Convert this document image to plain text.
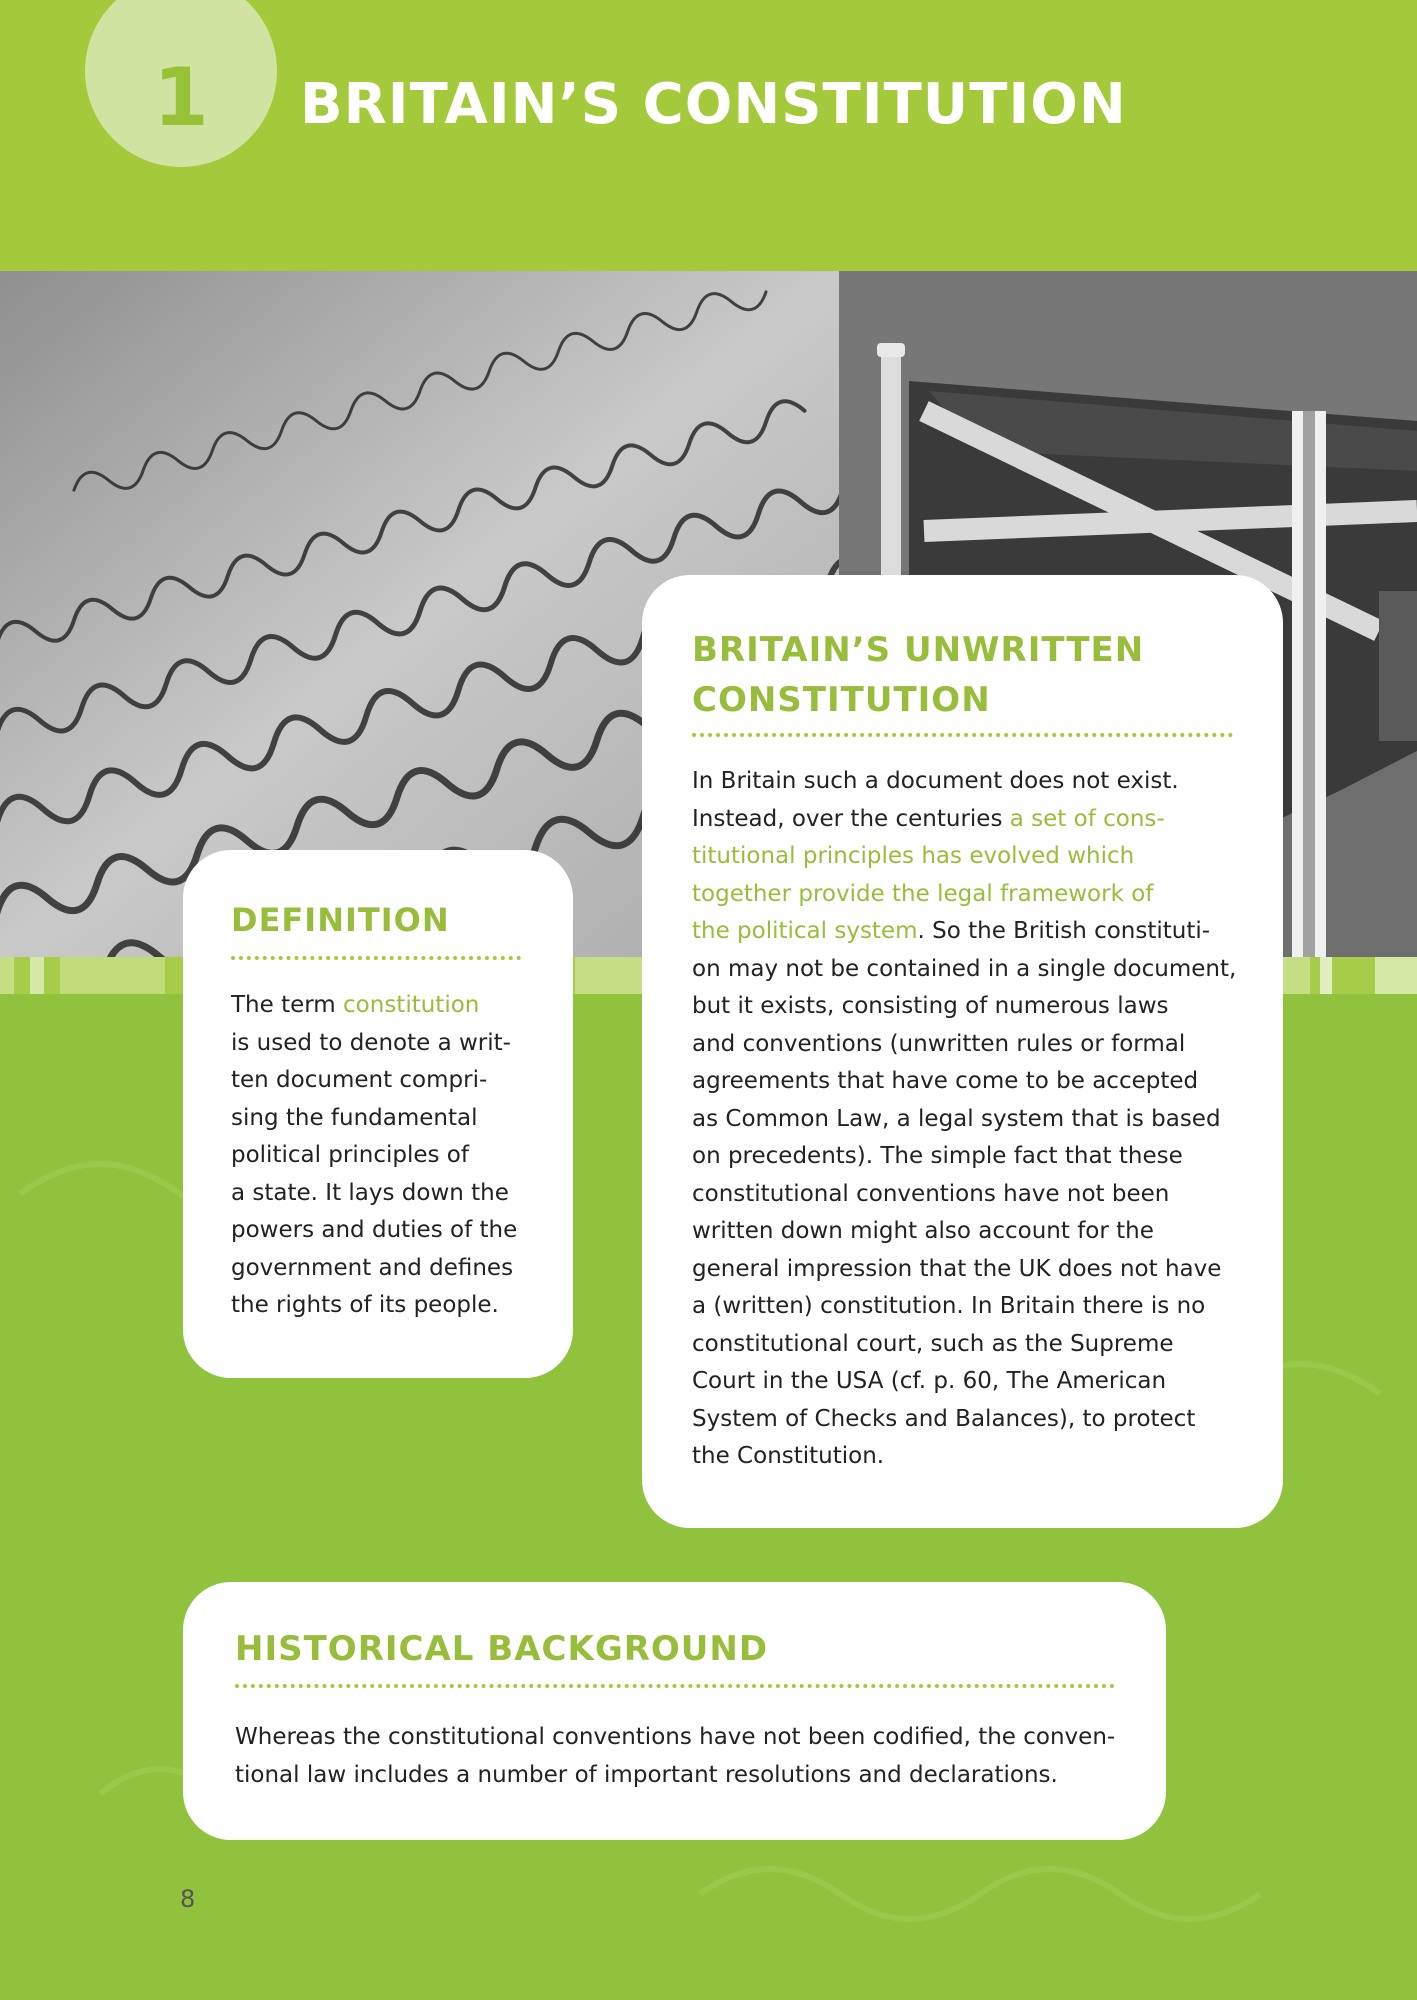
1	BRITAIN’S CONSTITUTION
DEFINITION
The term constitution
is used to denote a writ-
ten document compri-
sing the fundamental
political principles of
a state. It lays down the
powers and duties of the
government and defines
the rights of its people.
BRITAIN’S UNWRITTEN
CONSTITUTION
In Britain such a document does not exist.
Instead, over the centuries a set of cons-
titutional principles has evolved which
together provide the legal framework of
the political system. So the British constituti-
on may not be contained in a single document,
but it exists, consisting of numerous laws
and conventions (unwritten rules or formal
agreements that have come to be accepted
as Common Law, a legal system that is based
on precedents). The simple fact that these
constitutional conventions have not been
written down might also account for the
general impression that the UK does not have
a (written) constitution. In Britain there is no
constitutional court, such as the Supreme
Court in the USA (cf. p. 60, The American
System of Checks and Balances), to protect
the Constitution.
HISTORICAL BACKGROUND
Whereas the constitutional conventions have not been codified, the conven-
tional law includes a number of important resolutions and declarations.
8
